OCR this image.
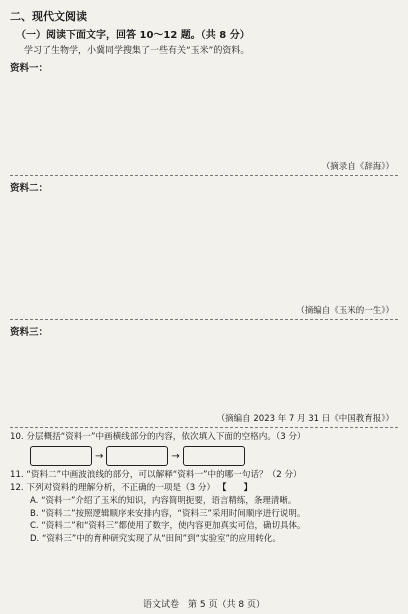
二、现代文阅读
（一）阅读下面文字，回答 10～12 题。（共 8 分）
学习了生物学，小冀同学搜集了一些有关“玉米”的资料。
资料一：
（摘录自《辞海》）
资料二：
（摘编自《玉米的一生》）
资料三：
（摘编自 2023 年 7 月 31 日《中国教育报》）

10. 分层概括“资料一”中画横线部分的内容，依次填入下面的空格内。（3 分）

→	→

11. “资料二”中画波浪线的部分，可以解释“资料一”中的哪一句话？（2 分）

12. 下列对资料的理解分析，不正确的一项是（3 分） 【　　】

A. “资料一”介绍了玉米的知识，内容简明扼要，语言精练，条理清晰。

B. “资料二”按照逻辑顺序来安排内容，“资料三”采用时间顺序进行说明。

C. “资料二”和“资料三”都使用了数字，使内容更加真实可信，确切具体。

D. “资料三”中的育种研究实现了从“田间”到“实验室”的应用转化。

语文试卷　第 5 页（共 8 页）
